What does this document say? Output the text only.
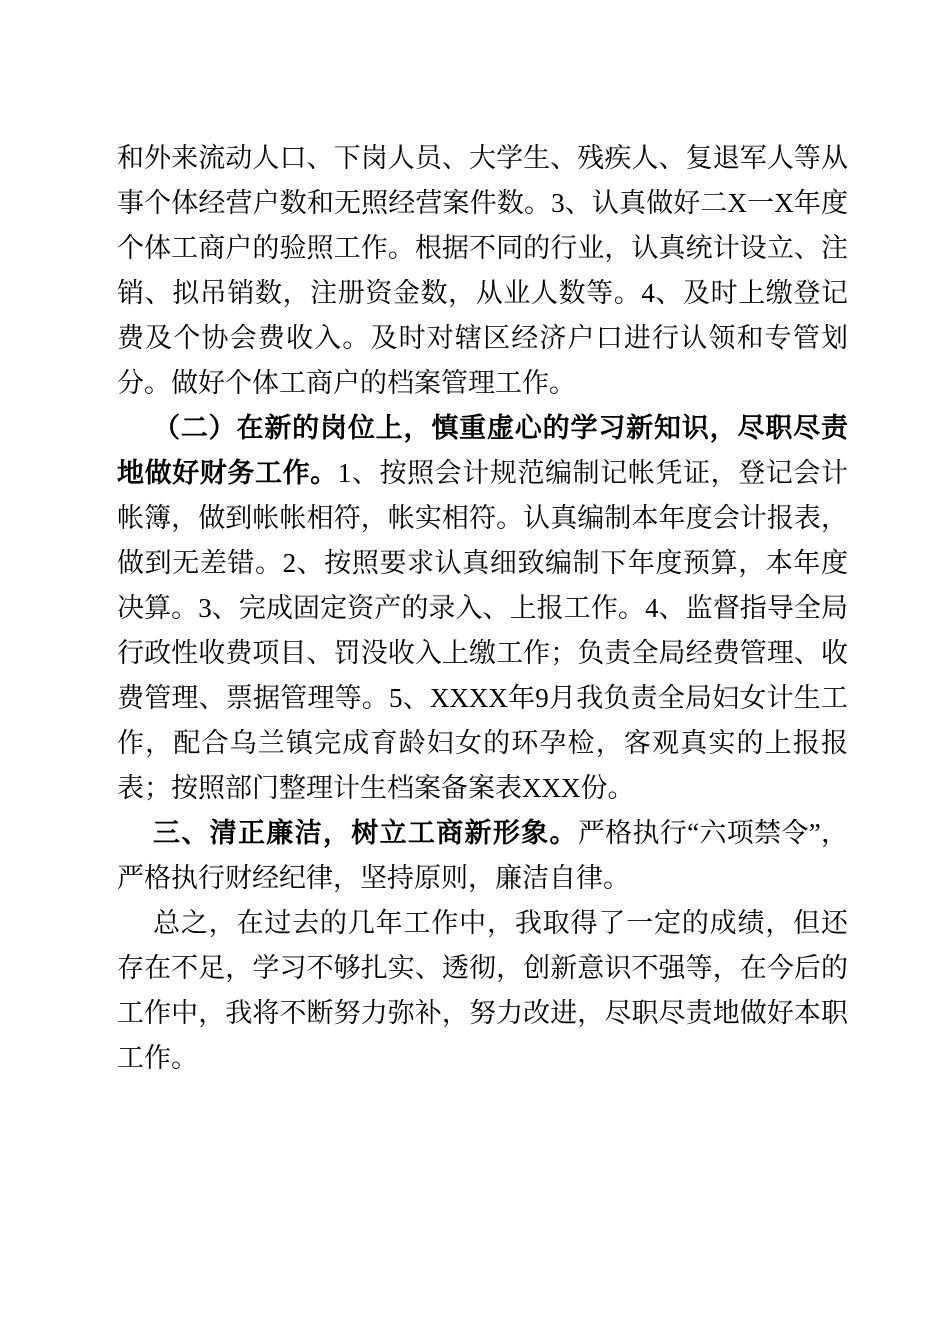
和外来流动人口、下岗人员、大学生、残疾人、复退军人等从事个体经营户数和无照经营案件数。3、认真做好二X一X年度个体工商户的验照工作。根据不同的行业，认真统计设立、注销、拟吊销数，注册资金数，从业人数等。4、及时上缴登记费及个协会费收入。及时对辖区经济户口进行认领和专管划分。做好个体工商户的档案管理工作。

（二）在新的岗位上，慎重虚心的学习新知识，尽职尽责地做好财务工作。1、按照会计规范编制记帐凭证，登记会计帐簿，做到帐帐相符，帐实相符。认真编制本年度会计报表，做到无差错。2、按照要求认真细致编制下年度预算，本年度决算。3、完成固定资产的录入、上报工作。4、监督指导全局行政性收费项目、罚没收入上缴工作；负责全局经费管理、收费管理、票据管理等。5、XXXX年9月我负责全局妇女计生工作，配合乌兰镇完成育龄妇女的环孕检，客观真实的上报报表；按照部门整理计生档案备案表XXX份。

三、清正廉洁，树立工商新形象。严格执行“六项禁令”，严格执行财经纪律，坚持原则，廉洁自律。

总之，在过去的几年工作中，我取得了一定的成绩，但还存在不足，学习不够扎实、透彻，创新意识不强等，在今后的工作中，我将不断努力弥补，努力改进，尽职尽责地做好本职工作。
